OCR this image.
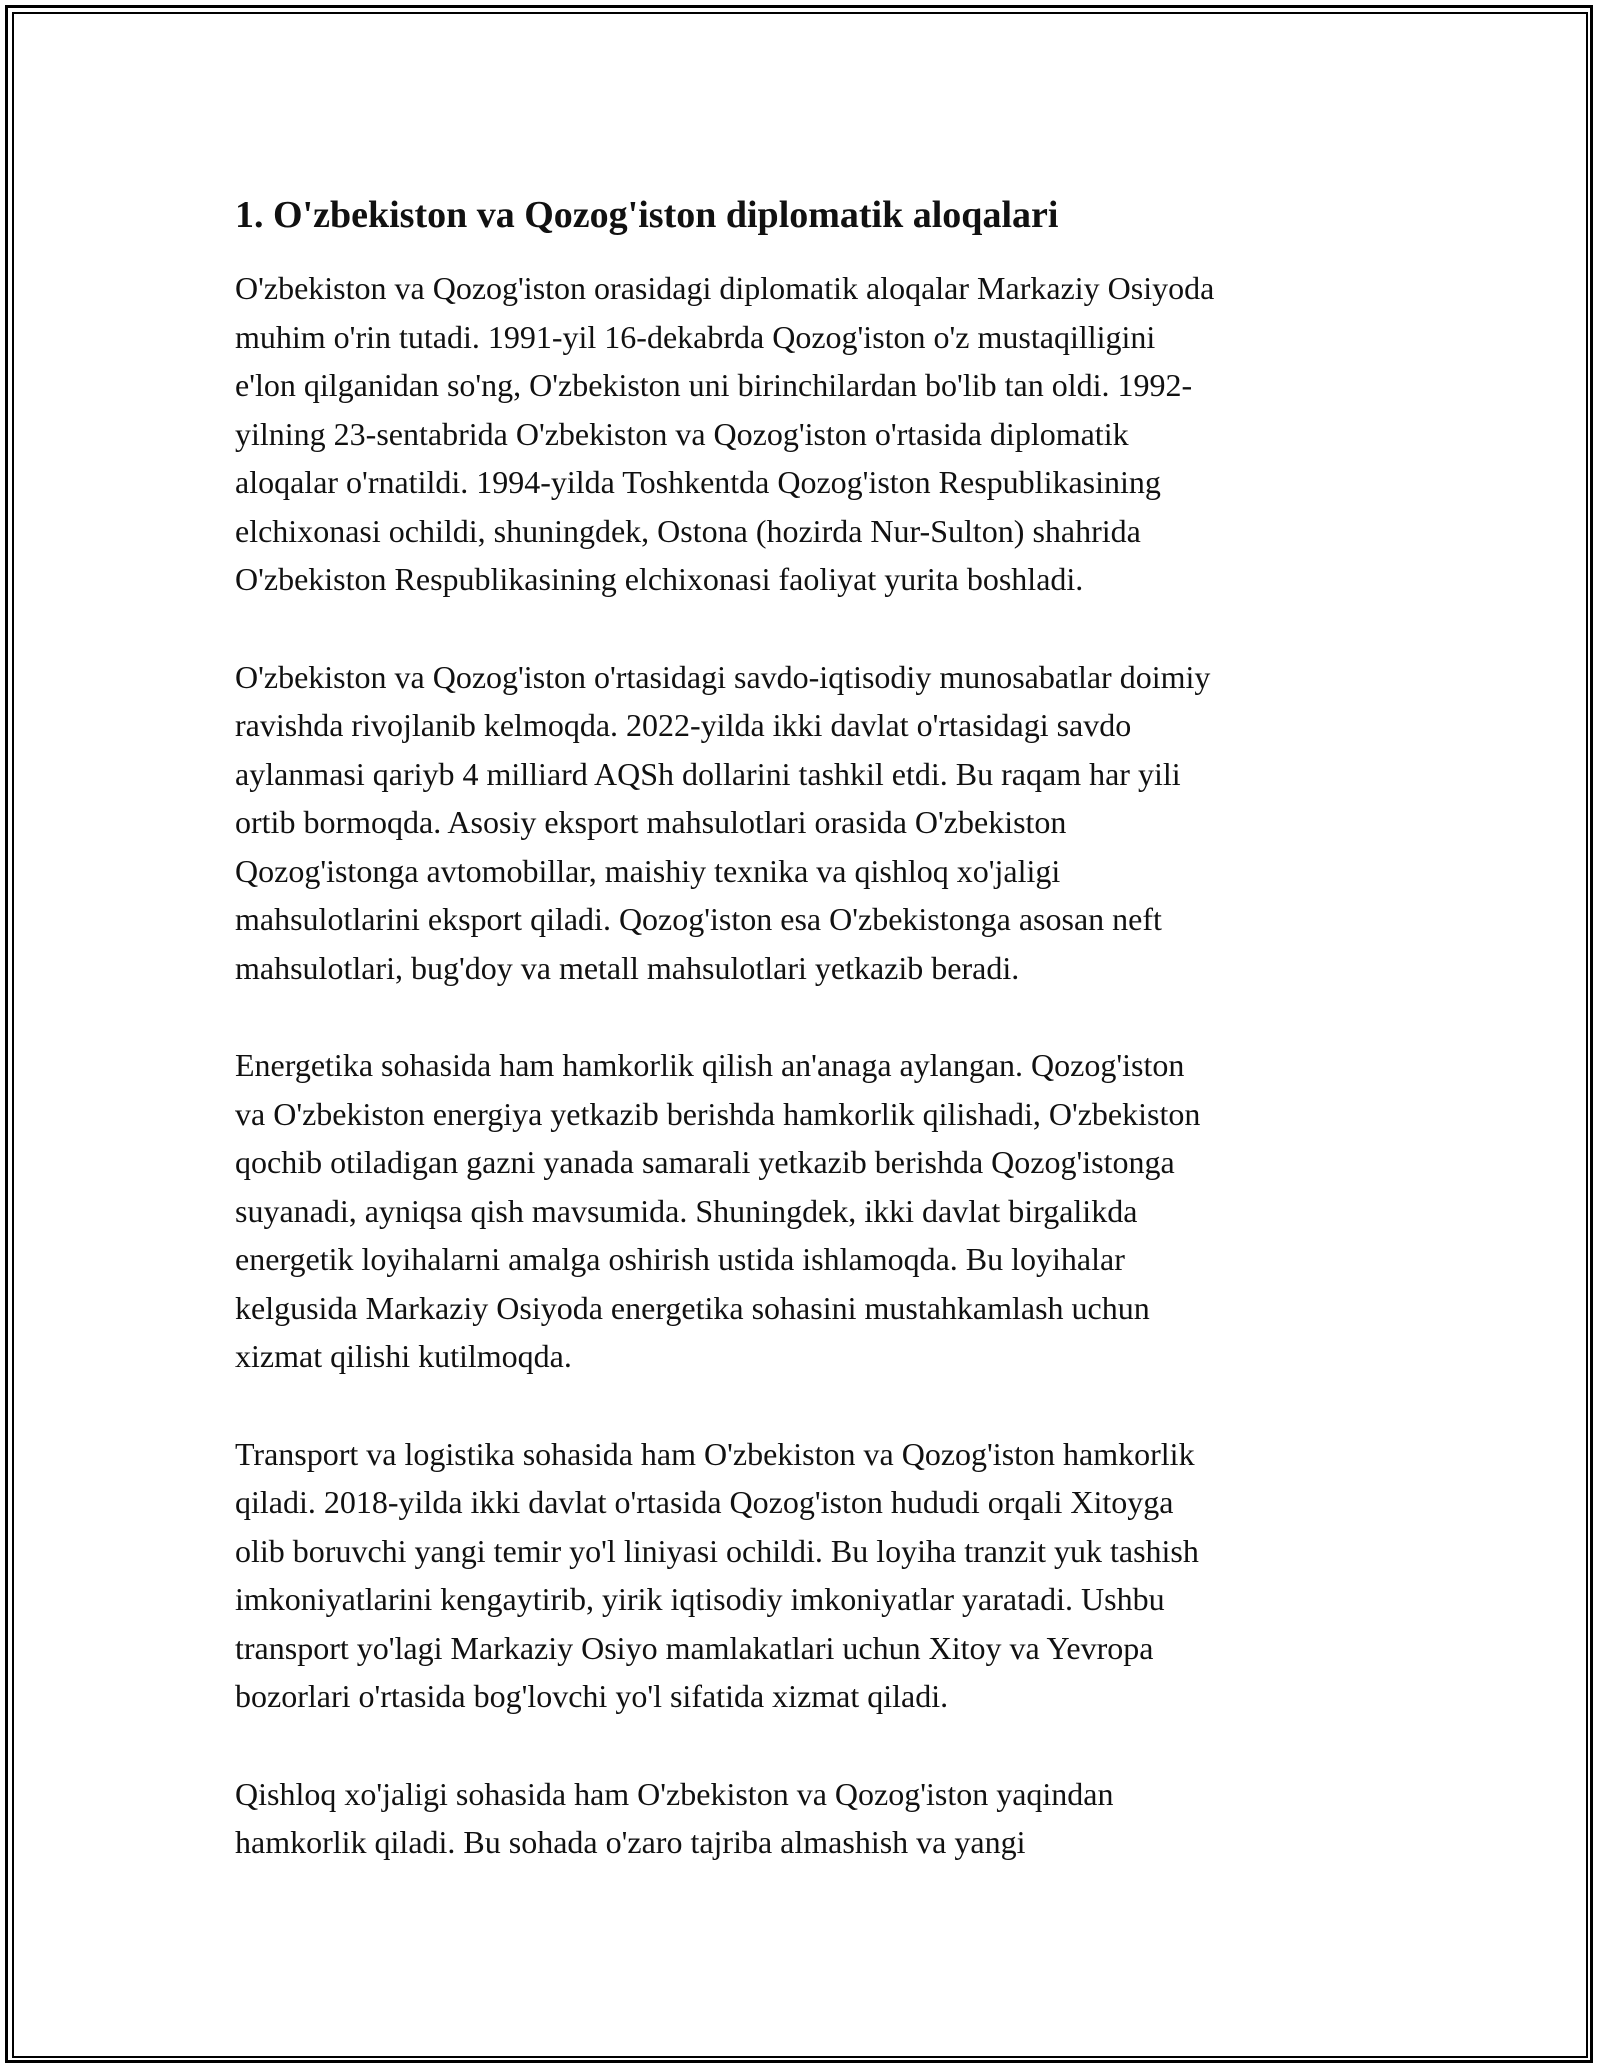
1. O'zbekiston va Qozog'iston diplomatik aloqalari

O'zbekiston va Qozog'iston orasidagi diplomatik aloqalar Markaziy Osiyoda
muhim o'rin tutadi. 1991-yil 16-dekabrda Qozog'iston o'z mustaqilligini
e'lon qilganidan so'ng, O'zbekiston uni birinchilardan bo'lib tan oldi. 1992-
yilning 23-sentabrida O'zbekiston va Qozog'iston o'rtasida diplomatik
aloqalar o'rnatildi. 1994-yilda Toshkentda Qozog'iston Respublikasining
elchixonasi ochildi, shuningdek, Ostona (hozirda Nur-Sulton) shahrida
O'zbekiston Respublikasining elchixonasi faoliyat yurita boshladi.

O'zbekiston va Qozog'iston o'rtasidagi savdo-iqtisodiy munosabatlar doimiy
ravishda rivojlanib kelmoqda. 2022-yilda ikki davlat o'rtasidagi savdo
aylanmasi qariyb 4 milliard AQSh dollarini tashkil etdi. Bu raqam har yili
ortib bormoqda. Asosiy eksport mahsulotlari orasida O'zbekiston
Qozog'istonga avtomobillar, maishiy texnika va qishloq xo'jaligi
mahsulotlarini eksport qiladi. Qozog'iston esa O'zbekistonga asosan neft
mahsulotlari, bug'doy va metall mahsulotlari yetkazib beradi.

Energetika sohasida ham hamkorlik qilish an'anaga aylangan. Qozog'iston
va O'zbekiston energiya yetkazib berishda hamkorlik qilishadi, O'zbekiston
qochib otiladigan gazni yanada samarali yetkazib berishda Qozog'istonga
suyanadi, ayniqsa qish mavsumida. Shuningdek, ikki davlat birgalikda
energetik loyihalarni amalga oshirish ustida ishlamoqda. Bu loyihalar
kelgusida Markaziy Osiyoda energetika sohasini mustahkamlash uchun
xizmat qilishi kutilmoqda.

Transport va logistika sohasida ham O'zbekiston va Qozog'iston hamkorlik
qiladi. 2018-yilda ikki davlat o'rtasida Qozog'iston hududi orqali Xitoyga
olib boruvchi yangi temir yo'l liniyasi ochildi. Bu loyiha tranzit yuk tashish
imkoniyatlarini kengaytirib, yirik iqtisodiy imkoniyatlar yaratadi. Ushbu
transport yo'lagi Markaziy Osiyo mamlakatlari uchun Xitoy va Yevropa
bozorlari o'rtasida bog'lovchi yo'l sifatida xizmat qiladi.

Qishloq xo'jaligi sohasida ham O'zbekiston va Qozog'iston yaqindan
hamkorlik qiladi. Bu sohada o'zaro tajriba almashish va yangi
